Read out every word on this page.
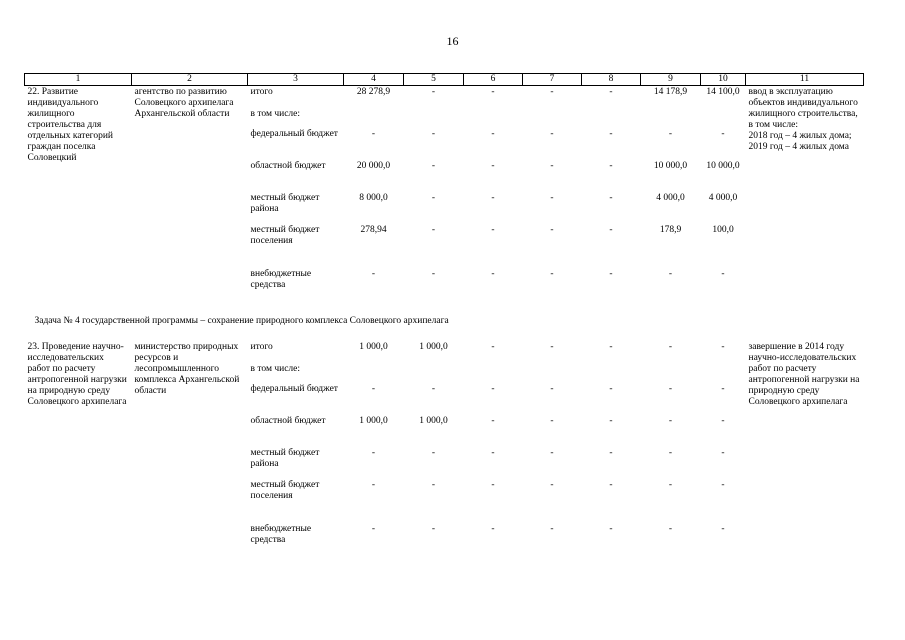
16
1	2	3	4	5	6	7	8	9	10	11
22. Развитие индивидуального жилищного строительства для отдельных категорий граждан поселка Соловецкий	агентство по развитию Соловецкого архипелага Архангельской области	итого	28 278,9	-	-	-	-	14 178,9	14 100,0	ввод в эксплуатацию объектов индивидуального жилищного строительства,
в том числе:
2018 год – 4 жилых дома;
2019 год – 4 жилых дома

		в том числе:								
		федеральный бюджет	-	-	-	-	-	-	-	
		областной бюджет	20 000,0	-	-	-	-	10 000,0	10 000,0	
		местный бюджет района	8 000,0	-	-	-	-	4 000,0	4 000,0	
		местный бюджет поселения	278,94	-	-	-	-	178,9	100,0	
		внебюджетные средства	-	-	-	-	-	-	-	
Задача № 4 государственной программы – сохранение природного комплекса Соловецкого архипелага										
23. Проведение научно-исследовательских работ по расчету антропогенной нагрузки на природную среду Соловецкого архипелага	министерство природных ресурсов и лесопромышленного комплекса Архангельской области	итого	1 000,0	1 000,0	-	-	-	-	-	завершение в 2014 году научно-исследовательских работ по расчету антропогенной нагрузки на природную среду Соловецкого архипелага

		в том числе:								
		федеральный бюджет	-	-	-	-	-	-	-	
		областной бюджет	1 000,0	1 000,0	-	-	-	-	-	
		местный бюджет района	-	-	-	-	-	-	-	
		местный бюджет поселения	-	-	-	-	-	-	-	
		внебюджетные средства	-	-	-	-	-	-	-	
